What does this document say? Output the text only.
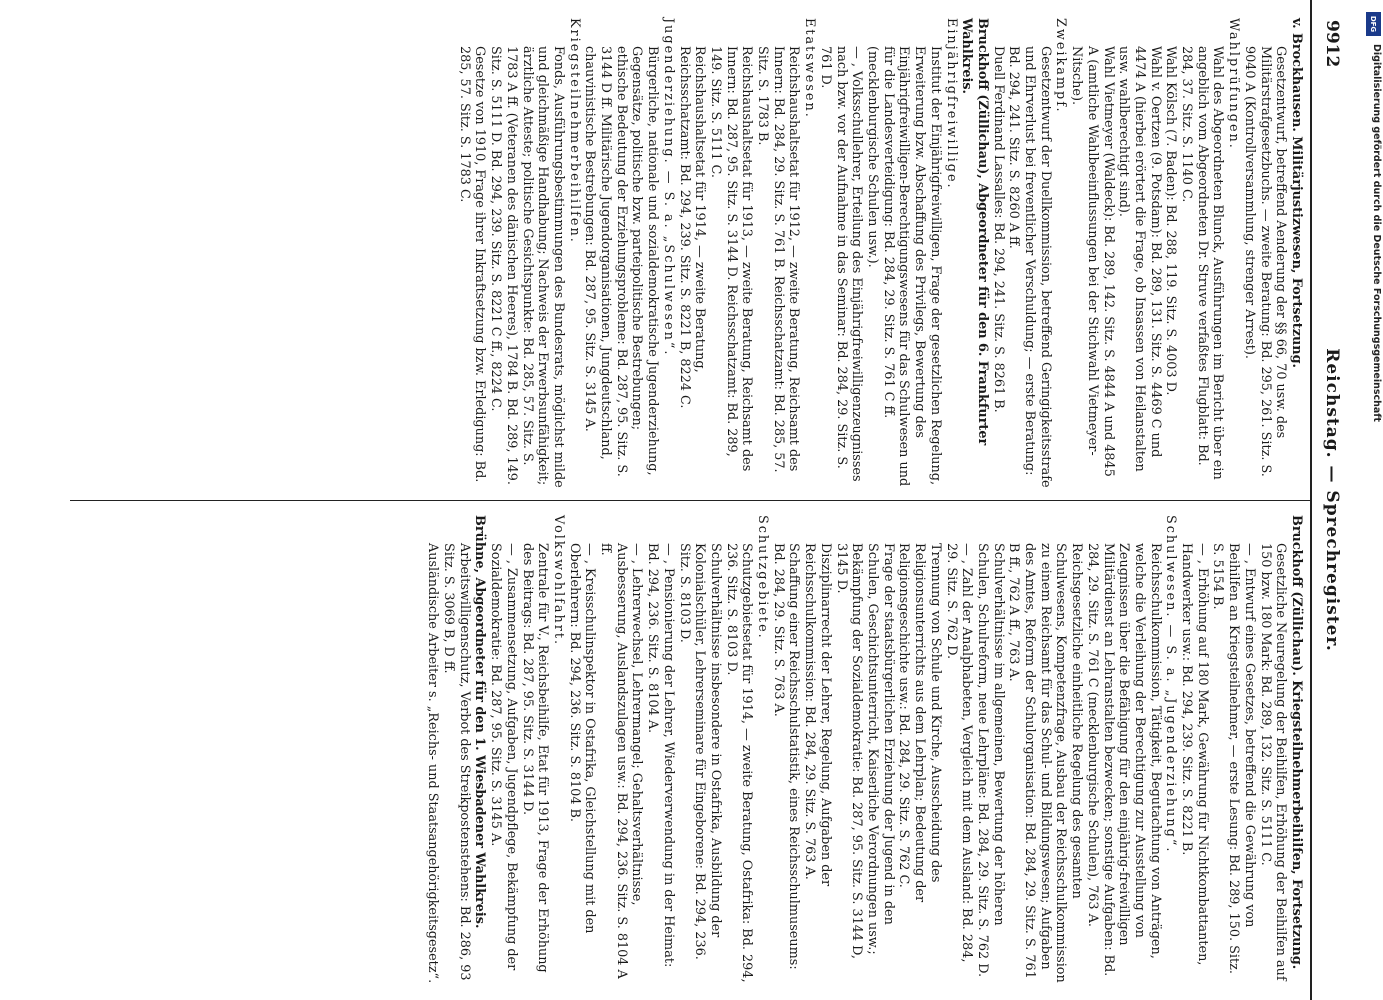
9912
Reichstag. — Sprechregister.

v. Brockhausen. Militärjustizwesen, Fortsetzung.

Gesetzentwurf, betreffend Aenderung der §§ 66, 70 usw. des Militärstrafgesetzbuchs. — zweite Beratung: Bd. 295, 261. Sitz. S. 9040 A (Kontrollversammlung, strenger Arrest).

Wahlprüfungen.

Wahl des Abgeordneten Blunck, Ausführungen im Bericht über ein angeblich vom Abgeordneten Dr. Struve verfaßtes Flugblatt: Bd. 284, 37. Sitz. S. 1140 C.

Wahl Kölsch (7. Baden): Bd. 288, 119. Sitz. S. 4003 D.

Wahl v. Oertzen (9. Potsdam): Bd. 289, 131. Sitz. S. 4469 C und 4474 A (hierbei erörtert die Frage, ob Insassen von Heilanstalten usw. wahlberechtigt sind).

Wahl Vietmeyer (Waldeck): Bd. 289, 142. Sitz. S. 4844 A und 4845 A (amtliche Wahlbeeinflussungen bei der Stichwahl Vietmeyer-Nitsche).

Zweikampf.

Gesetzentwurf der Duellkommission, betreffend Geringigkeitsstrafe und Ehrverlust bei freventlicher Verschuldung; — erste Beratung: Bd. 294, 241. Sitz. S. 8260 A ff.

Duell Ferdinand Lassalles: Bd. 294, 241. Sitz. S. 8261 B.

Bruckhoff (Züllichau), Abgeordneter für den 6. Frankfurter Wahlkreis.

Einjährigfreiwillige.

Institut der Einjährigfreiwilligen, Frage der gesetzlichen Regelung, Erweiterung bzw. Abschaffung des Privilegs, Bewertung des Einjährigfreiwilligen-Berechtigungswesens für das Schulwesen und für die Landesverteidigung: Bd. 284, 29. Sitz. S. 761 C ff. (mecklenburgische Schulen usw.).

— , Volksschullehrer, Erteilung des Einjährigfreiwilligenzeugnisses nach bzw. vor der Aufnahme in das Seminar: Bd. 284, 29. Sitz. S. 761 D.

Etatswesen.

Reichshaushaltsetat für 1912, — zweite Beratung, Reichsamt des Innern: Bd. 284, 29. Sitz. S. 761 B. Reichsschatzamt: Bd. 285, 57. Sitz. S. 1783 B.

Reichshaushaltsetat für 1913, — zweite Beratung, Reichsamt des Innern: Bd. 287, 95. Sitz. S. 3144 D. Reichsschatzamt: Bd. 289, 149. Sitz. S. 5111 C.

Reichshaushaltsetat für 1914, — zweite Beratung, Reichsschatzamt: Bd. 294, 239. Sitz. S. 8221 B, 8224 C.

Jugenderziehung. — S. a. „Schulwesen“.

Bürgerliche, nationale und sozialdemokratische Jugenderziehung, Gegensätze, politische bzw. parteipolitische Bestrebungen; ethische Bedeutung der Erziehungsprobleme: Bd. 287, 95. Sitz. S. 3144 D ff. Militärische Jugendorganisationen, Jungdeutschland, chauvinistische Bestrebungen: Bd. 287, 95. Sitz. S. 3145 A.

Kriegsteilnehmerbeihilfen.

Fonds, Ausführungsbestimmungen des Bundesrats, möglichst milde und gleichmäßige Handhabung; Nachweis der Erwerbsunfähigkeit; ärztliche Atteste; politische Gesichtspunkte: Bd. 285, 57. Sitz. S. 1783 A ff. (Veteranen des dänischen Heeres), 1784 B. Bd. 289, 149. Sitz. S. 5111 D. Bd. 294, 239. Sitz. S. 8221 C ff., 8224 C.

Gesetze von 1910, Frage ihrer Inkraftsetzung bzw. Erledigung: Bd. 285, 57. Sitz. S. 1783 C.

Bruckhoff (Züllichau). Kriegsteilnehmerbeihilfen, Fortsetzung.

Gesetzliche Neuregelung der Beihilfen, Erhöhung der Beihilfen auf 150 bzw. 180 Mark: Bd. 289, 132. Sitz. S. 5111 C.

— , Entwurf eines Gesetzes, betreffend die Gewährung von Beihilfen an Kriegsteilnehmer, — erste Lesung: Bd. 289, 150. Sitz. S. 5154 B.

— , Erhöhung auf 180 Mark, Gewährung für Nichtkombattanten, Handwerker usw.: Bd. 294, 239. Sitz. S. 8221 B.

Schulwesen. — S. a. „Jugenderziehung“.

Reichsschulkommission, Tätigkeit, Begutachtung von Anträgen, welche die Verleihung der Berechtigung zur Ausstellung von Zeugnissen über die Befähigung für den einjährig-freiwilligen Militärdienst an Lehranstalten bezwecken; sonstige Aufgaben: Bd. 284, 29. Sitz. S. 761 C (mecklenburgische Schulen), 763 A.

Reichsgesetzliche einheitliche Regelung des gesamten Schulwesens, Kompetenzfrage, Ausbau der Reichsschulkommission zu einem Reichsamt für das Schul- und Bildungswesen; Aufgaben des Amtes, Reform der Schulorganisation: Bd. 284, 29. Sitz. S. 761 B ff., 762 A ff., 763 A.

Schulverhältnisse im allgemeinen, Bewertung der höheren Schulen, Schulreform, neue Lehrpläne: Bd. 284, 29. Sitz. S. 762 D.

— , Zahl der Analphabeten, Vergleich mit dem Ausland: Bd. 284, 29. Sitz. S. 762 D.

Trennung von Schule und Kirche, Ausscheidung des Religionsunterrichts aus dem Lehrplan; Bedeutung der Religionsgeschichte usw.: Bd. 284, 29. Sitz. S. 762 C.

Frage der staatsbürgerlichen Erziehung der Jugend in den Schulen, Geschichtsunterricht, Kaiserliche Verordnungen usw.; Bekämpfung der Sozialdemokratie: Bd. 287, 95. Sitz. S. 3144 D, 3145 D.

Disziplinarrecht der Lehrer, Regelung, Aufgaben der Reichsschulkommission: Bd. 284, 29. Sitz. S. 763 A.

Schaffung einer Reichsschulstatistik, eines Reichsschulmuseums: Bd. 284, 29. Sitz. S. 763 A.

Schutzgebiete.

Schutzgebietsetat für 1914, — zweite Beratung, Ostafrika: Bd. 294, 236. Sitz. S. 8103 D.

Schulverhältnisse insbesondere in Ostafrika, Ausbildung der Kolonialschüler, Lehrerseminare für Eingeborene: Bd. 294, 236. Sitz. S. 8103 D.

— , Pensionierung der Lehrer, Wiederverwendung in der Heimat: Bd. 294, 236. Sitz. S. 8104 A.

— , Lehrerwechsel, Lehrermangel; Gehaltsverhältnisse, Ausbesserung, Auslandszulagen usw.: Bd. 294, 236. Sitz. S. 8104 A ff.

— , Kreisschulinspektor in Ostafrika, Gleichstellung mit den Oberlehrern: Bd. 294, 236. Sitz. S. 8104 B.

Volkswohlfahrt.

Zentrale für V., Reichsbeihilfe, Etat für 1913, Frage der Erhöhung des Beitrags: Bd. 287, 95. Sitz. S. 3144 D.

— , Zusammensetzung, Aufgaben, Jugendpflege, Bekämpfung der Sozialdemokratie: Bd. 287, 95. Sitz. S. 3145 A.

Brühne, Abgeordneter für den 1. Wiesbadener Wahlkreis.

Arbeitswilligenschutz, Verbot des Streikpostenstehens: Bd. 286, 93 Sitz. S. 3069 B, D ff.

Ausländische Arbeiter s. „Reichs- und Staatsangehörigkeitsgesetz“.

DFG
Digitalisierung gefördert durch die Deutsche Forschungsgemeinschaft
